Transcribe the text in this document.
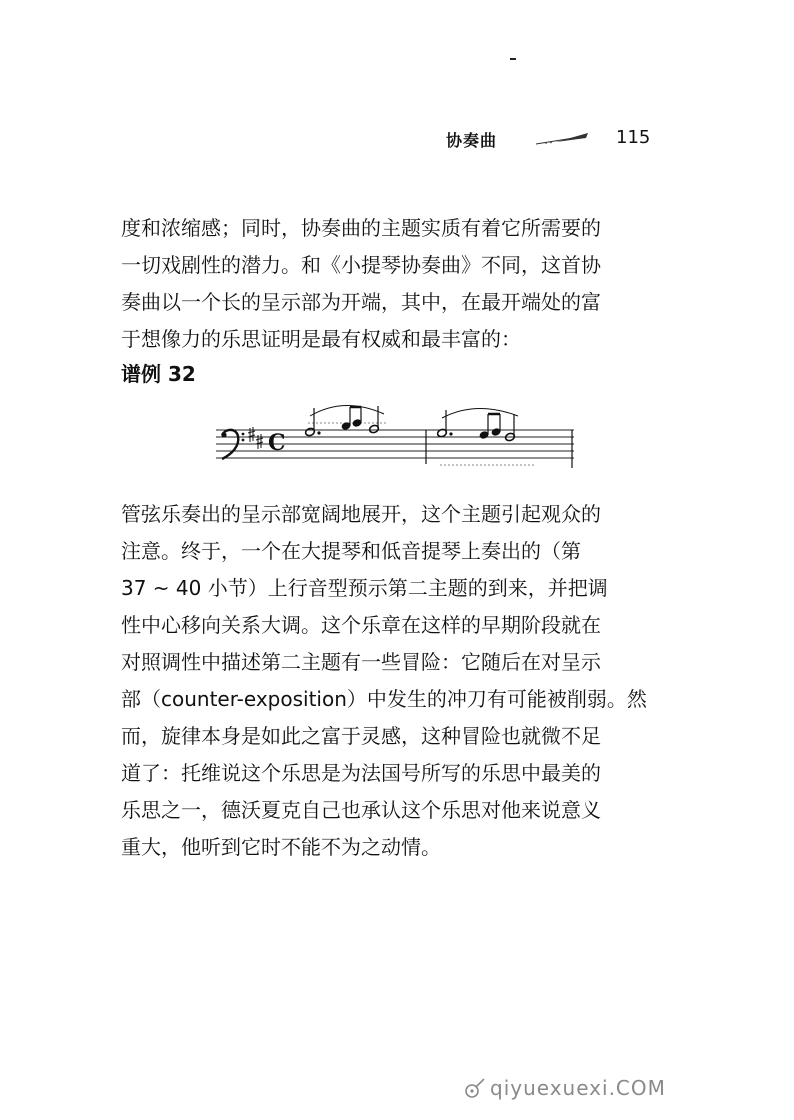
协奏曲	115
度和浓缩感；同时，协奏曲的主题实质有着它所需要的
一切戏剧性的潜力。和《小提琴协奏曲》不同，这首协
奏曲以一个长的呈示部为开端，其中，在最开端处的富
于想像力的乐思证明是最有权威和最丰富的：
谱例 32
C
管弦乐奏出的呈示部宽阔地展开，这个主题引起观众的
注意。终于，一个在大提琴和低音提琴上奏出的（第
37 ~ 40 小节）上行音型预示第二主题的到来，并把调
性中心移向关系大调。这个乐章在这样的早期阶段就在
对照调性中描述第二主题有一些冒险：它随后在对呈示
部（counter-exposition）中发生的冲刀有可能被削弱。然
而，旋律本身是如此之富于灵感，这种冒险也就微不足
道了：托维说这个乐思是为法国号所写的乐思中最美的
乐思之一，德沃夏克自己也承认这个乐思对他来说意义
重大，他听到它时不能不为之动情。
qiyuexuexi.COM
